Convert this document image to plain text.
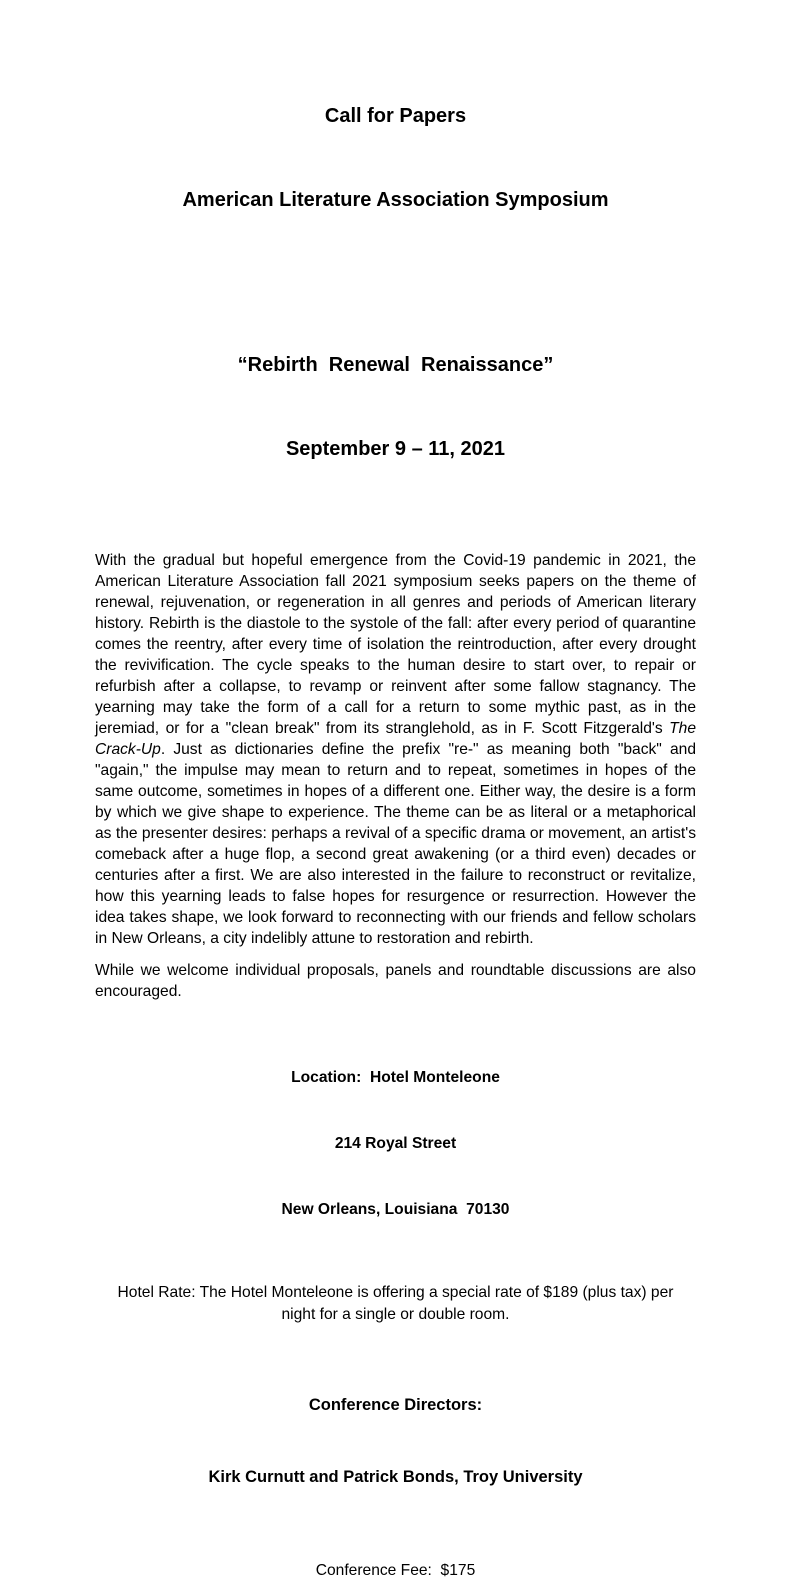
Call for Papers

American Literature Association Symposium

“Rebirth  Renewal  Renaissance”

September 9 – 11, 2021

With the gradual but hopeful emergence from the Covid-19 pandemic in 2021, the American Literature Association fall 2021 symposium seeks papers on the theme of renewal, rejuvenation, or regeneration in all genres and periods of American literary history. Rebirth is the diastole to the systole of the fall: after every period of quarantine comes the reentry, after every time of isolation the reintroduction, after every drought the revivification. The cycle speaks to the human desire to start over, to repair or refurbish after a collapse, to revamp or reinvent after some fallow stagnancy. The yearning may take the form of a call for a return to some mythic past, as in the jeremiad, or for a "clean break" from its stranglehold, as in F. Scott Fitzgerald's The Crack-Up. Just as dictionaries define the prefix "re-" as meaning both "back" and "again," the impulse may mean to return and to repeat, sometimes in hopes of the same outcome, sometimes in hopes of a different one. Either way, the desire is a form by which we give shape to experience. The theme can be as literal or a metaphorical as the presenter desires: perhaps a revival of a specific drama or movement, an artist's comeback after a huge flop, a second great awakening (or a third even) decades or centuries after a first. We are also interested in the failure to reconstruct or revitalize, how this yearning leads to false hopes for resurgence or resurrection. However the idea takes shape, we look forward to reconnecting with our friends and fellow scholars in New Orleans, a city indelibly attune to restoration and rebirth.

While we welcome individual proposals, panels and roundtable discussions are also encouraged.

Location:  Hotel Monteleone

214 Royal Street

New Orleans, Louisiana  70130

Hotel Rate: The Hotel Monteleone is offering a special rate of $189 (plus tax) per night for a single or double room.

Conference Directors:

Kirk Curnutt and Patrick Bonds, Troy University

Conference Fee:  $175
